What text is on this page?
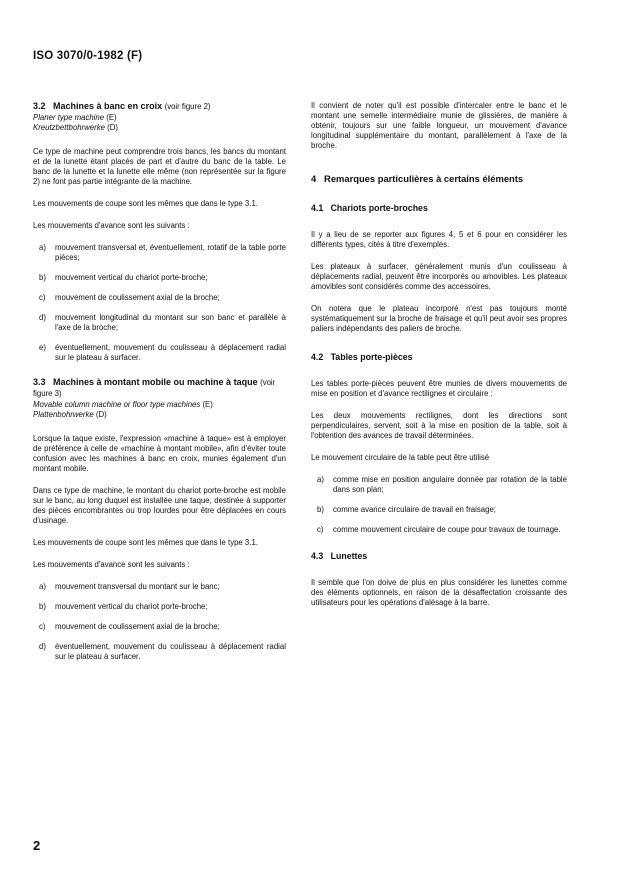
ISO 3070/0-1982 (F)
3.2 Machines à banc en croix (voir figure 2)
Planer type machine (E)
Kreutzbettbohrwerke (D)

Ce type de machine peut comprendre trois bancs, les bancs du montant et de la lunette étant placés de part et d'autre du banc de la table. Le banc de la lunette et la lunette elle même (non représentée sur la figure 2) ne font pas partie intégrante de la machine.

Les mouvements de coupe sont les mêmes que dans le type 3.1.

Les mouvements d'avance sont les suivants :

a)	mouvement transversal et, éventuellement, rotatif de la table porte pièces;
b)	mouvement vertical du chariot porte-broche;
c)	mouvement de coulissement axial de la broche;
d)	mouvement longitudinal du montant sur son banc et parallèle à l'axe de la broche;
e)	éventuellement, mouvement du coulisseau à déplacement radial sur le plateau à surfacer.
3.3 Machines à montant mobile ou machine à taque (voir figure 3)
Movable column machine or floor type machines (E)
Plattenbohrwerke (D)

Lorsque la taque existe, l'expression «machine à taque» est à employer de préférence à celle de «machine à montant mobile», afin d'éviter toute confusion avec les machines à banc en croix, munies également d'un montant mobile.

Dans ce type de machine, le montant du chariot porte-broche est mobile sur le banc, au long duquel est installée une taque, destinée à supporter des pièces encombrantes ou trop lourdes pour être déplacées en cours d'usinage.

Les mouvements de coupe sont les mêmes que dans le type 3.1.

Les mouvements d'avance sont les suivants :

a)	mouvement transversal du montant sur le banc;
b)	mouvement vertical du chariot porte-broche;
c)	mouvement de coulissement axial de la broche;
d)	éventuellement, mouvement du coulisseau à déplacement radial sur le plateau à surfacer.

Il convient de noter qu'il est possible d'intercaler entre le banc et le montant une semelle intermédiaire munie de glissières, de manière à obtenir, toujours sur une faible longueur, un mouvement d'avance longitudinal supplémentaire du montant, parallèlement à l'axe de la broche.

4 Remarques particulières à certains éléments
4.1 Chariots porte-broches

Il y a lieu de se reporter aux figures 4, 5 et 6 pour en considérer les différents types, cités à titre d'exemples.

Les plateaux à surfacer, généralement munis d'un coulisseau à déplacements radial, peuvent être incorporés ou amovibles. Les plateaux amovibles sont considérés comme des accessoires.

On notera que le plateau incorporé n'est pas toujours monté systématiquement sur la broche de fraisage et qu'il peut avoir ses propres paliers indépendants des paliers de broche.

4.2 Tables porte-pièces

Les tables porte-pièces peuvent être munies de divers mouvements de mise en position et d'avance rectilignes et circulaire :

Les deux mouvements rectilignes, dont les directions sont perpendiculaires, servent, soit à la mise en position de la table, soit à l'obtention des avances de travail déterminées.

Le mouvement circulaire de la table peut être utilisé

a)	comme mise en position angulaire donnée par rotation de la table dans son plan;
b)	comme avance circulaire de travail en fraisage;
c)	comme mouvement circulaire de coupe pour travaux de tournage.
4.3 Lunettes

Il semble que l'on doive de plus en plus considérer les lunettes comme des éléments optionnels, en raison de la désaffectation croissante des utilisateurs pour les opérations d'alésage à la barre.

2
